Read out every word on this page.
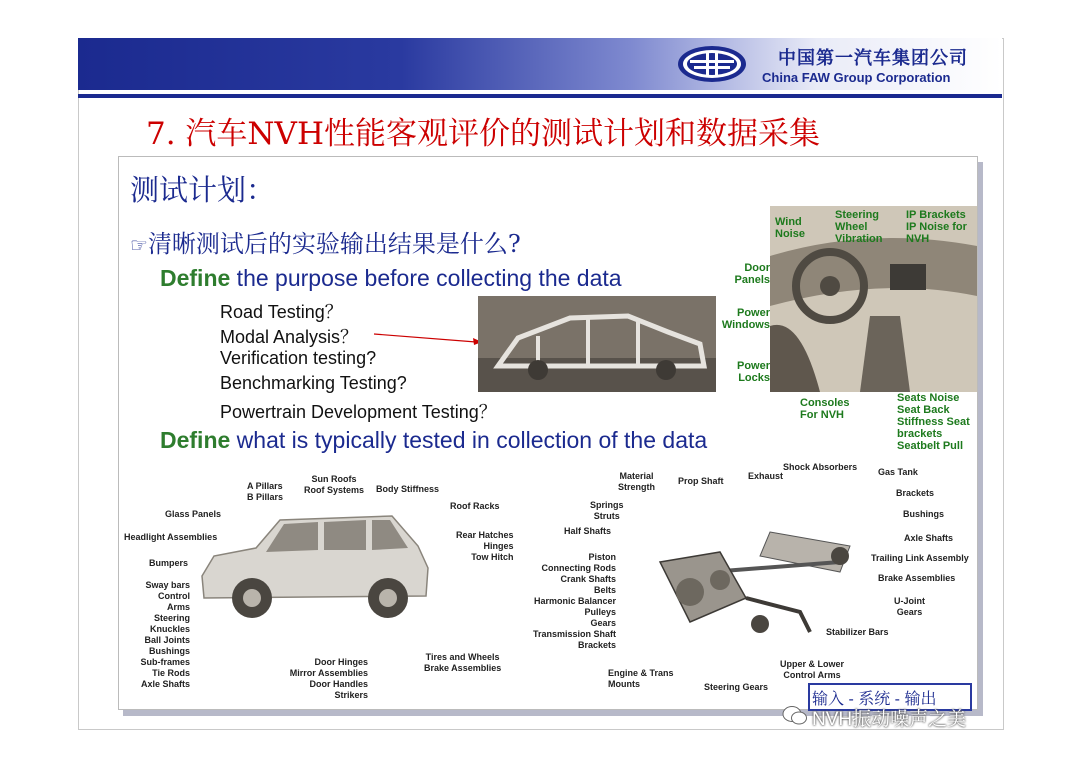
中国第一汽车集团公司
China FAW Group Corporation
7. 汽车NVH性能客观评价的测试计划和数据采集
测试计划：
☞清晰测试后的实验输出结果是什么?
Define the purpose before collecting the data
Road Testing？
Modal Analysis？
Verification testing?
Benchmarking Testing?
Powertrain Development Testing？
Wind Noise
Steering Wheel Vibration
IP Brackets IP Noise for NVH
Door Panels
Power Windows
Power Locks
Consoles For NVH
Seats Noise Seat Back Stiffness Seat brackets Seatbelt Pull
Define what is typically tested in collection of the data
A Pillars
B Pillars
Sun Roofs
Roof Systems Body Stiffness
Glass Panels
Roof Racks
Headlight Assemblies	Rear Hatches
Hinges
Tow Hitch
Bumpers
Sway bars
Control
Arms
Steering
Knuckles
Ball Joints
Bushings
Sub-frames
Tie Rods
Axle Shafts
Door Hinges
Mirror Assemblies
Door Handles
Strikers
Tires and Wheels
Brake Assemblies
Material
Strength
Prop Shaft	Exhaust
Shock Absorbers Gas Tank
Springs
Struts
Brackets
Half Shafts
Bushings
Axle Shafts
Piston
Connecting Rods
Crank Shafts
Belts
Harmonic Balancer
Pulleys
Gears
Transmission Shaft
Brackets
Trailing Link Assembly
Brake Assemblies
U-Joint
Gears
Stabilizer Bars
Upper & Lower
Control Arms
Engine & Trans
Mounts	Steering Gears
输入 - 系统 - 输出
NVH振动噪声之美
